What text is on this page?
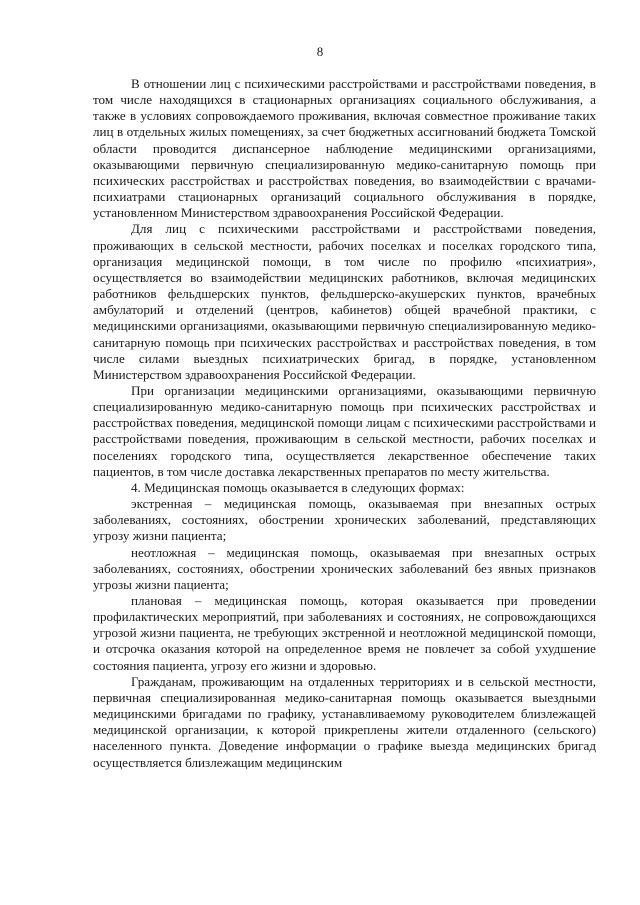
8

В отношении лиц с психическими расстройствами и расстройствами поведения, в том числе находящихся в стационарных организациях социального обслуживания, а также в условиях сопровождаемого проживания, включая совместное проживание таких лиц в отдельных жилых помещениях, за счет бюджетных ассигнований бюджета Томской области проводится диспансерное наблюдение медицинскими организациями, оказывающими первичную специализированную медико-санитарную помощь при психических расстройствах и расстройствах поведения, во взаимодействии с врачами-психиатрами стационарных организаций социального обслуживания в порядке, установленном Министерством здравоохранения Российской Федерации.

Для лиц с психическими расстройствами и расстройствами поведения, проживающих в сельской местности, рабочих поселках и поселках городского типа, организация медицинской помощи, в том числе по профилю «психиатрия», осуществляется во взаимодействии медицинских работников, включая медицинских работников фельдшерских пунктов, фельдшерско-акушерских пунктов, врачебных амбулаторий и отделений (центров, кабинетов) общей врачебной практики, с медицинскими организациями, оказывающими первичную специализированную медико-санитарную помощь при психических расстройствах и расстройствах поведения, в том числе силами выездных психиатрических бригад, в порядке, установленном Министерством здравоохранения Российской Федерации.

При организации медицинскими организациями, оказывающими первичную специализированную медико-санитарную помощь при психических расстройствах и расстройствах поведения, медицинской помощи лицам с психическими расстройствами и расстройствами поведения, проживающим в сельской местности, рабочих поселках и поселениях городского типа, осуществляется лекарственное обеспечение таких пациентов, в том числе доставка лекарственных препаратов по месту жительства.

4. Медицинская помощь оказывается в следующих формах:

экстренная – медицинская помощь, оказываемая при внезапных острых заболеваниях, состояниях, обострении хронических заболеваний, представляющих угрозу жизни пациента;

неотложная – медицинская помощь, оказываемая при внезапных острых заболеваниях, состояниях, обострении хронических заболеваний без явных признаков угрозы жизни пациента;

плановая – медицинская помощь, которая оказывается при проведении профилактических мероприятий, при заболеваниях и состояниях, не сопровождающихся угрозой жизни пациента, не требующих экстренной и неотложной медицинской помощи, и отсрочка оказания которой на определенное время не повлечет за собой ухудшение состояния пациента, угрозу его жизни и здоровью.

Гражданам, проживающим на отдаленных территориях и в сельской местности, первичная специализированная медико-санитарная помощь оказывается выездными медицинскими бригадами по графику, устанавливаемому руководителем близлежащей медицинской организации, к которой прикреплены жители отдаленного (сельского) населенного пункта. Доведение информации о графике выезда медицинских бригад осуществляется близлежащим медицинским
